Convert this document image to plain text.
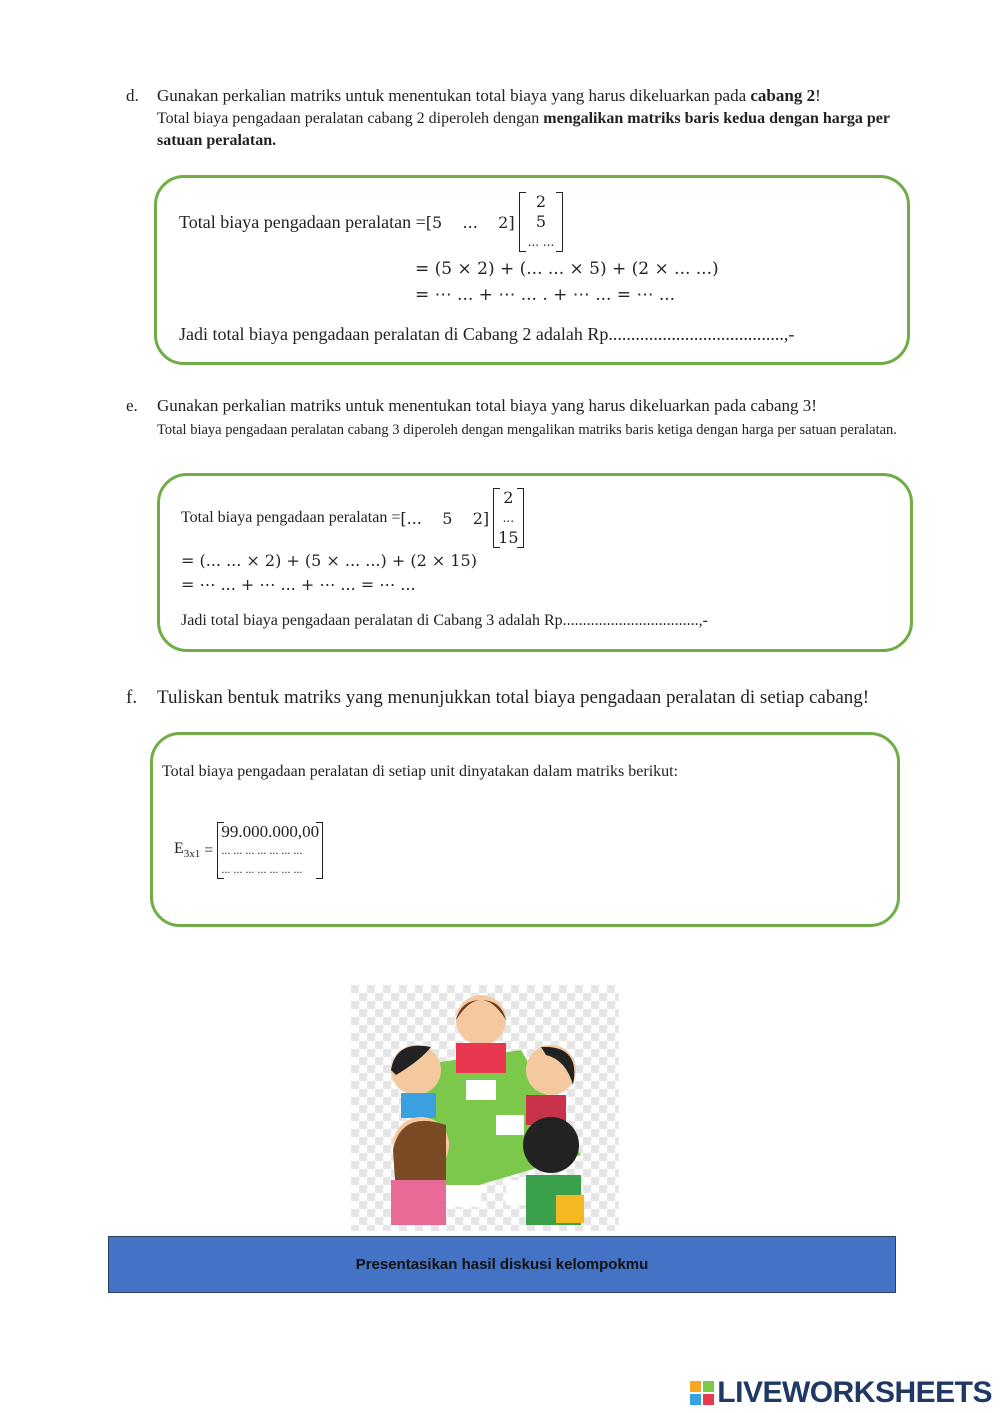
d. Gunakan perkalian matriks untuk menentukan total biaya yang harus dikeluarkan pada cabang 2!
Total biaya pengadaan peralatan cabang 2 diperoleh dengan mengalikan matriks baris kedua dengan harga per satuan peralatan.
Total biaya pengadaan peralatan = [5    ...    2]
2
5
... ...
= (5 × 2) + (... ... × 5) + (2 × ... ...)
= ⋯ ... + ⋯ ... . + ⋯ ... = ⋯ ...
Jadi total biaya pengadaan peralatan di Cabang 2 adalah Rp.......................................,-
e. Gunakan perkalian matriks untuk menentukan total biaya yang harus dikeluarkan pada cabang 3!
Total biaya pengadaan peralatan cabang 3 diperoleh dengan mengalikan matriks baris ketiga dengan harga per satuan peralatan.
Total biaya pengadaan peralatan = [...    5    2]
2
...
15
= (... ... × 2) + (5 × ... ...) + (2 × 15)
= ⋯ ... + ⋯ ... + ⋯ ... = ⋯ ...
Jadi total biaya pengadaan peralatan di Cabang 3 adalah Rp..................................,-
f. Tuliskan bentuk matriks yang menunjukkan total biaya pengadaan peralatan di setiap cabang!
Total biaya pengadaan peralatan di setiap unit dinyatakan dalam matriks berikut:
$E_{3x1}$ =
99.000.000,00
... ... ... ... ... ... ...
... ... ... ... ... ... ...
Presentasikan hasil diskusi kelompokmu
LIVEWORKSHEETS
